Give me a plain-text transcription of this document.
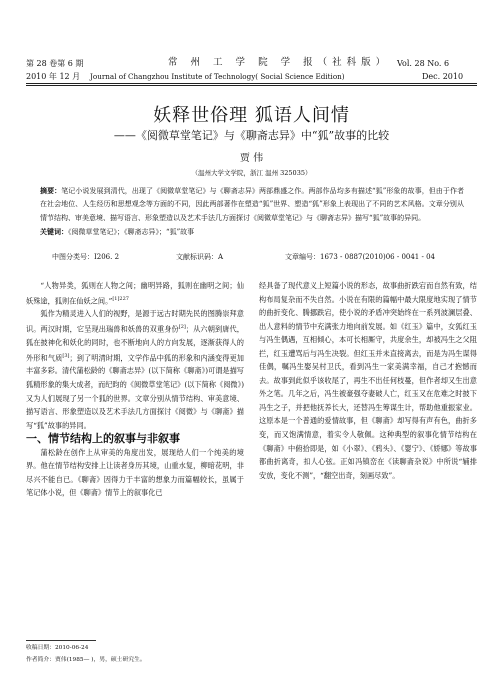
第 28 卷第 6 期	常 州 工 学 院 学 报（社科版） Vol. 28 No. 6
2010 年 12 月 Journal of Changzhou Institute of Technology( Social Science Edition)	Dec. 2010
妖释世俗理 狐语人间情
——《阅微草堂笔记》与《聊斋志异》中“狐”故事的比较
贾 伟
（温州大学文学院，浙江 温州 325035）
摘要：笔记小说发展到清代，出现了《阅微草堂笔记》与《聊斋志异》两部鼎盛之作。两部作品均多有描述“狐”形象的故事，但由于作者在社会地位、人生经历和思想观念等方面的不同，因此两部著作在塑造“狐”世界、塑造“狐”形象上表现出了不同的艺术风格。文章分别从情节结构、审美意境、描写语言、形象塑造以及艺术手法几方面探讨《阅微草堂笔记》与《聊斋志异》描写“狐”故事的异同。
关键词：《阅微草堂笔记》；《聊斋志异》；“狐”故事
中图分类号：I206. 2	文献标识码：A	文章编号：1673 - 0887(2010)06 - 0041 - 04

“人物异类，狐则在人物之间；幽明异路，狐则在幽明之间；仙妖殊途，狐则在仙妖之间。”$^{[1]227}$

狐作为精灵进入人们的视野，是源于远古时期先民的图腾崇拜意识。两汉时期，它呈现出瑞兽和妖兽的双重身份[2]；从六朝到唐代，狐在披神化和妖化的同时，也不断地向人的方向发展，逐渐获得人的外形和气质[3]；到了明清时期，文学作品中狐的形象和内涵变得更加丰富多彩。清代蒲松龄的《聊斋志异》(以下简称《聊斋》)可谓是描写狐精形象的集大成者，而纪昀的《阅微草堂笔记》(以下简称《阅微》)又为人们展现了另一个狐的世界。文章分别从情节结构、审美意境、描写语言、形象塑造以及艺术手法几方面探讨《阅微》与《聊斋》描写“狐”故事的异同。

一、情节结构上的叙事与非叙事

蒲松龄在创作上从审美的角度出发，展现给人们一个纯美的境界。他在情节结构安排上让读者身历其境，山重水复，柳暗花明，非尽兴不能自已。《聊斋》因得力于丰富的想象力而篇幅较长，虽属于笔记体小说，但《聊斋》情节上的叙事化已

经具备了现代意义上短篇小说的形态，故事曲折跌宕而自然有致，结构布局复杂而不失自然。小说在有限的篇幅中最大限度地实现了情节的曲折变化、腾挪跌宕，使小说的矛盾冲突始终在一系列波澜层叠、出人意料的情节中充满张力地向前发展。如《红玉》篇中，女狐红玉与冯生偶遇，互相倾心，本可长相厮守，共度余生，却被冯生之父阻拦，红玉遭骂后与冯生决裂。但红玉并未直接离去，而是为冯生谋得佳偶，嘱冯生娶吴村卫氏，看到冯生一家美满幸福，自己才抱憾而去。故事到此似乎该收尾了，再生不出任何枝蔓，但作者却又生出意外之笔。几年之后，冯生被豪强夺妻破人亡，红玉又在危难之时披下冯生之子，并把他抚养长大，还替冯生筹谋生计，帮助他重振家业。这原本是一个普通的爱情故事，但《聊斋》却写得有声有色，曲折多变，而又饱满情意，着实令人敬佩。这种典型的叙事化情节结构在《聊斋》中俯拾即是，如《小翠》、《鸦头》、《婴宁》、《娇娜》等故事都曲折离奇，扣人心弦。正如冯镇峦在《读聊斋杂说》中所说“辅排安放，变化不测”，“翻空出奇，刻画尽致”。

收稿日期：2010-06-24
作者简介：贾伟(1985— )，男，硕士研究生。
